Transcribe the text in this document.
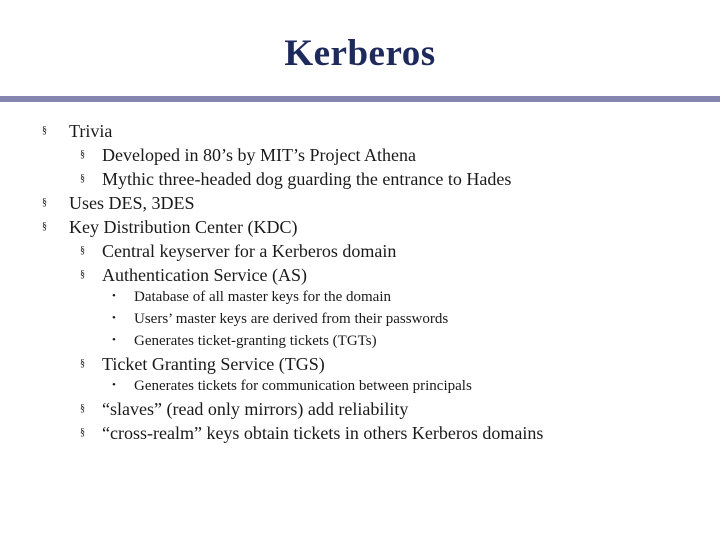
Kerberos
§ Trivia
§ Developed in 80’s by MIT’s Project Athena
§ Mythic three-headed dog guarding the entrance to Hades
§ Uses DES, 3DES
§ Key Distribution Center (KDC)
§ Central keyserver for a Kerberos domain
§ Authentication Service (AS)
• Database of all master keys for the domain
• Users’ master keys are derived from their passwords
• Generates ticket-granting tickets (TGTs)
§ Ticket Granting Service (TGS)
• Generates tickets for communication between principals
§ “slaves” (read only mirrors) add reliability
§ “cross-realm” keys obtain tickets in others Kerberos domains
